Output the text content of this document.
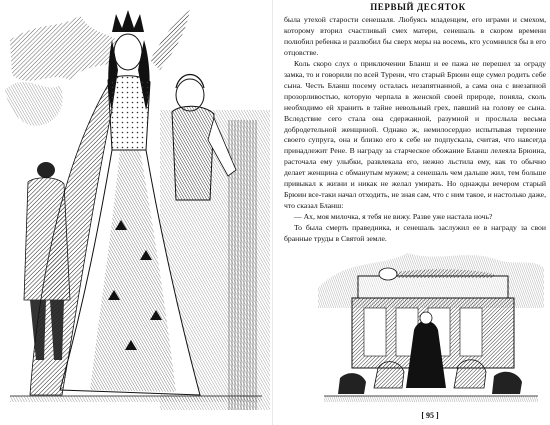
ПЕРВЫЙ ДЕСЯТОК

была утехой старости сенешаля. Любуясь младенцем, его играми и смехом, которому вторил счастливый смех матери, сенешаль в скором времени полюбил ребенка и разлюбил бы сверх меры на восемь, кто усомнился бы в его отцовстве.

Коль скоро слух о приключении Бланш и ее пажа не перешел за ограду замка, то и говорили по всей Турени, что старый Брюин еще сумел родить себе сына. Честь Бланш посему осталась незапятнанной, а сама она с внезапной прозорливостью, которую черпала в женской своей природе, поняла, сколь необходимо ей хранить в тайне невольный грех, павший на голову ее сына. Вследствие сего стала она сдержанной, разумной и прослыла весьма добродетельной женщиной. Однако ж, немилосердно испытывая терпение своего супруга, она и близко его к себе не подпускала, считая, что навсегда принадлежит Рене. В награду за старческое обожание Бланш лелеяла Брюина, расточала ему улыбки, развлекала его, нежно льстила ему, как то обычно делает женщина с обманутым мужем; а сенешаль чем дальше жил, тем больше привыкал к жизни и никак не желал умирать. Но однажды вечером старый Брюин все-таки начал отходить, не зная сам, что с ним такое, и настолько даже, что сказал Бланш:

— Ах, моя милочка, я тебя не вижу. Разве уже настала ночь?

То была смерть праведника, и сенешаль заслужил ее в награду за свои бранные труды в Святой земле.

[ 95 ]
